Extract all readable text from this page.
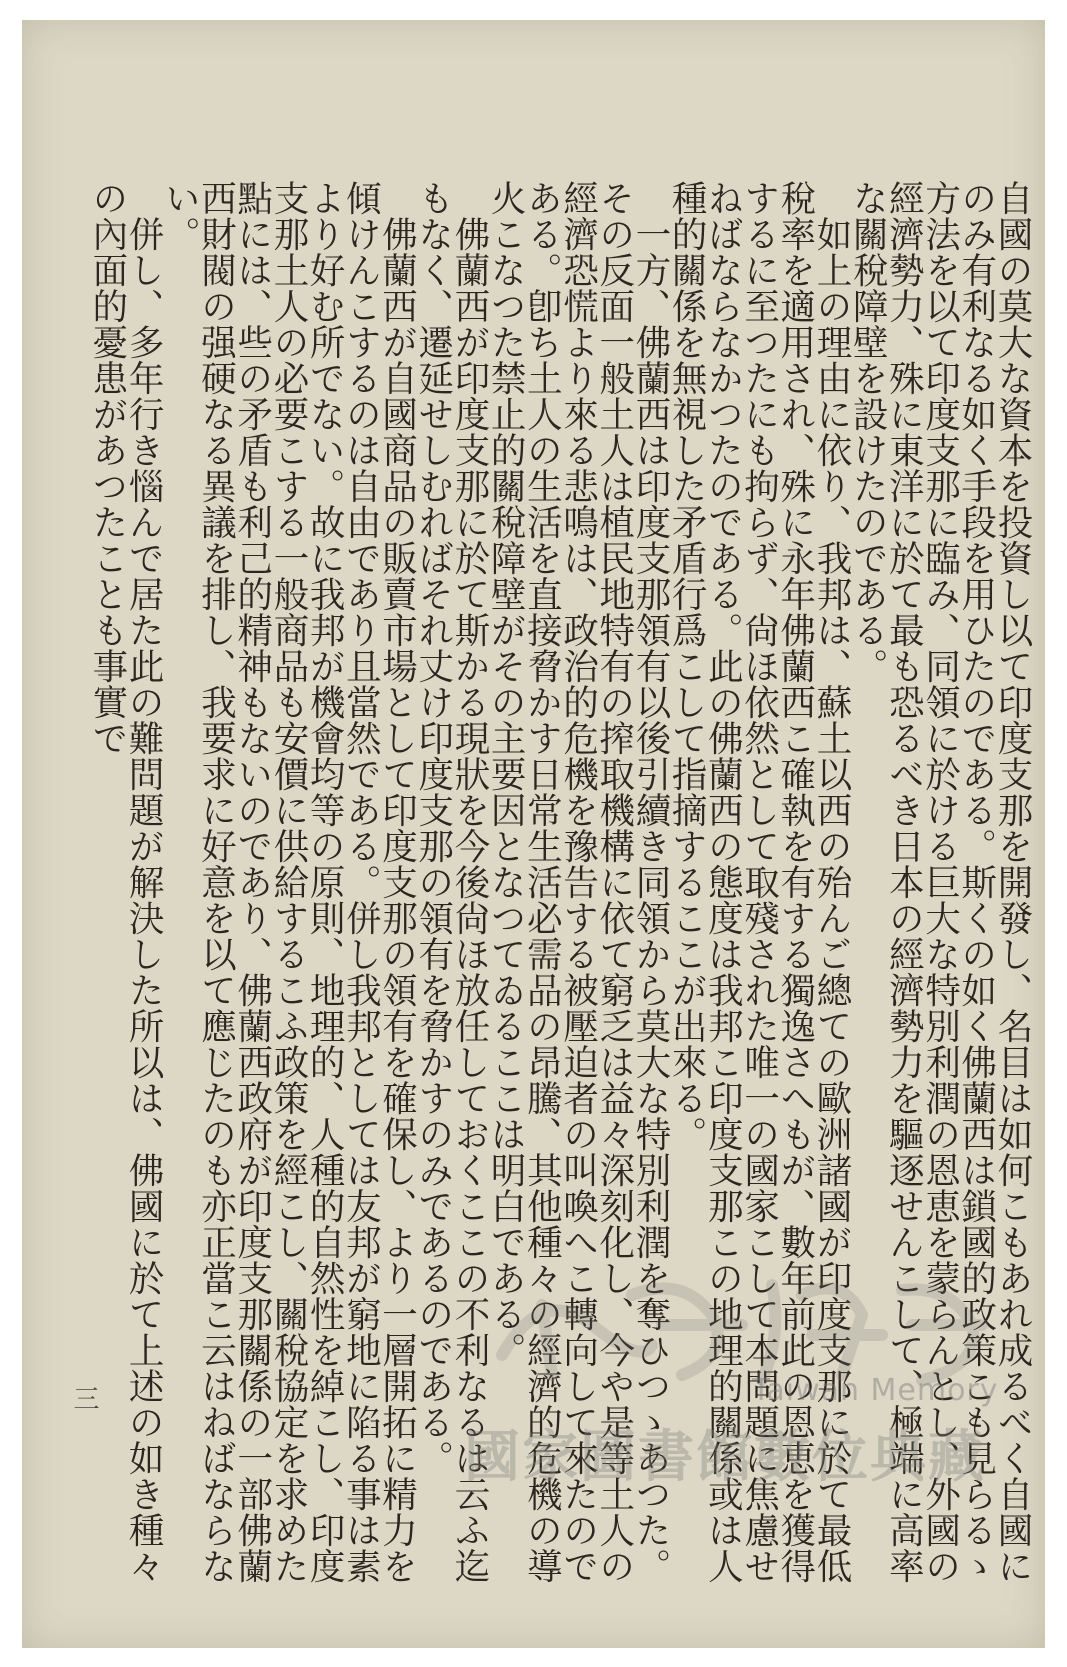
自國の莫大な資本を投資し以て印度支那を開發し、名目は如何こもあれ成るべく自國にのみ有利なる如く手段を用ひたのである。斯くの如く佛蘭西は鎖國的政策こも見らるゝ方法を以て印度支那に臨み、同領に於ける巨大な特別利潤の恩恵を蒙らんとし、外國の經濟勢力、殊に東洋に於て最も恐るべき日本の經濟勢力を驅逐せんこして、極端に高率な關稅障壁を設けたのである。

如上の理由に依り、我邦は、蘇土以西の殆んご總ての歐洲諸國が印度支那に於て最低稅率を適用され、殊に永年佛蘭西こ確執を有する獨逸さへもが、數年前此の恩恵を獲得するに至つたにも拘らず、尙ほ依然として取殘された唯一の國家こして本問題に焦慮せねばならなかつたのである。此の佛蘭西の態度は我邦こ印度支那この地理的關係或は人種的關係を無視した矛盾行爲こして指摘するここが出來る。

一方、佛蘭西は印度支那領有以後引續き同領から莫大な特別利潤を奪ひつゝあつた。その反面一般土人は植民地特有の搾取機構に依て窮乏は益々深刻化し、今や是等土人の經濟恐慌より來る悲鳴は、政治的危機を豫告する被壓迫者の叫喚へこ轉向して來たのである。卽ち土人の生活を直接脅かす日常生活必需品の昂騰、其他種々の經濟的危機の導火こなつた禁止的關稅障壁がその主要因となつてゐるここは明白である。

佛蘭西が印度支那に於て斯かる現狀を今後尙ほ放任しておくここの不利なるは云ふ迄もなく、遷延せしむればそれ丈け印度支那の領有を脅かすのみであるのである。

佛蘭西が自國商品の販賣市場として印度支那の領有を確保し、より一層開拓に精力を傾けんこするのは自由であり且當然である。併し我邦としては友邦が窮地に陷る事は素より好む所でない。故に我邦が機會均等の原則、地理的、人種的自然性を綽こし、印度支那土人の必要こする一般商品も安價に供給するこふ政策を經こし、關稅協定を求めた點には、些の矛盾も利己的精神もないのであり、佛蘭西政府が印度支那關係の一部佛蘭西財閥の强硬なる異議を排し、我要求に好意を以て應じたのも亦正當こ云はねばならない。

併し、多年行き惱んで居た此の難問題が解決した所以は、佛國に於て上述の如き種々の內面的憂患があつたことも事實で

三	Taiwan Memory
國家圖書館數位典藏
